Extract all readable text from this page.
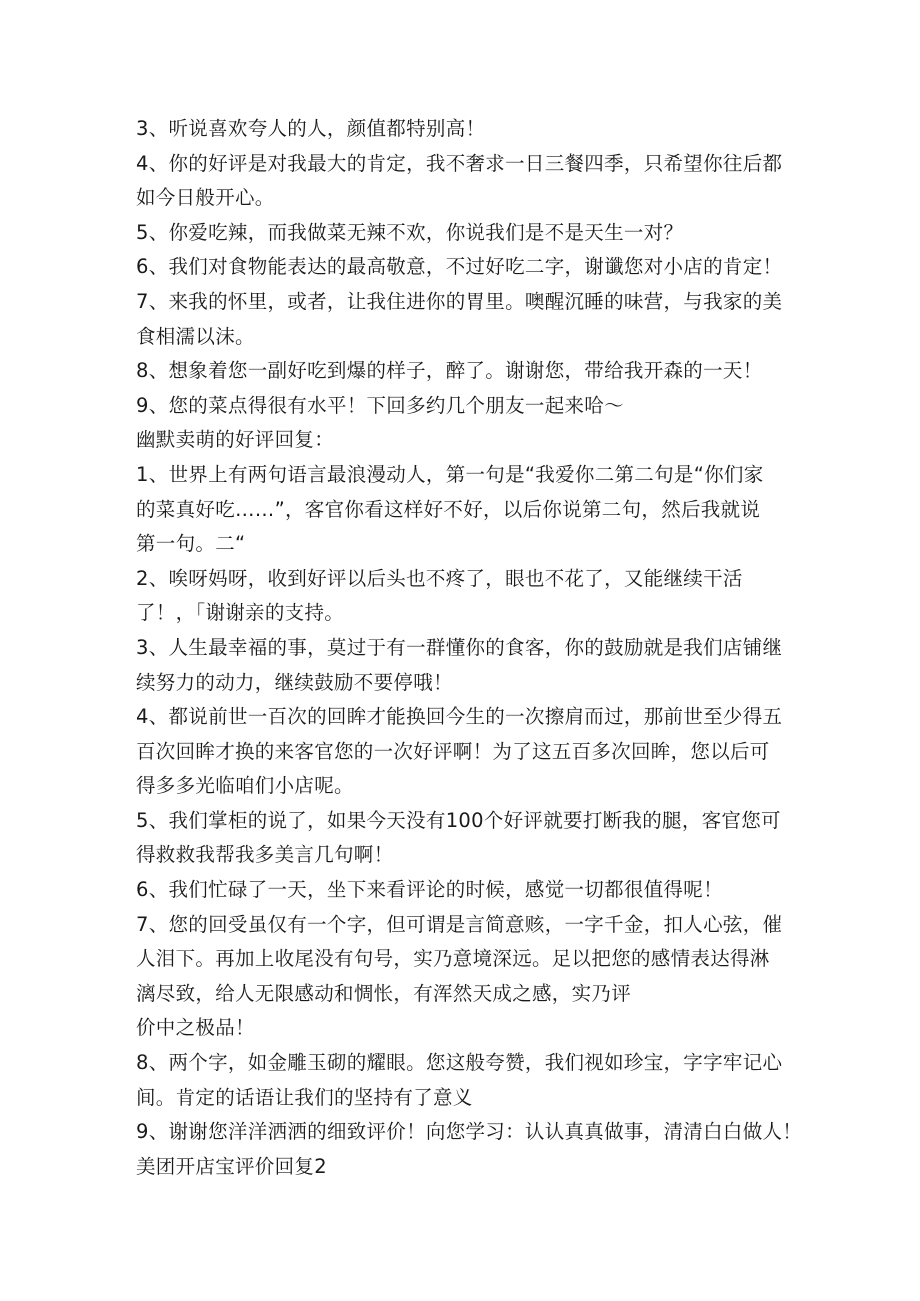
3、听说喜欢夸人的人，颜值都特别高！
4、你的好评是对我最大的肯定，我不奢求一日三餐四季，只希望你往后都
如今日般开心。
5、你爱吃辣，而我做菜无辣不欢，你说我们是不是天生一对？
6、我们对食物能表达的最高敬意，不过好吃二字，谢谶您对小店的肯定！
7、来我的怀里，或者，让我住进你的胃里。噢醒沉睡的味营，与我家的美
食相濡以沫。
8、想象着您一副好吃到爆的样子，醉了。谢谢您，带给我开森的一天！
9、您的菜点得很有水平！下回多约几个朋友一起来哈～
幽默卖萌的好评回复：
1、世界上有两句语言最浪漫动人，第一句是“我爱你二第二句是“你们家
的菜真好吃……”，客官你看这样好不好，以后你说第二句，然后我就说
第一句。二“
2、唉呀妈呀，收到好评以后头也不疼了，眼也不花了，又能继续干活
了！，「谢谢亲的支持。
3、人生最幸福的事，莫过于有一群懂你的食客，你的鼓励就是我们店铺继
续努力的动力，继续鼓励不要停哦！
4、都说前世一百次的回眸才能换回今生的一次擦肩而过，那前世至少得五
百次回眸才换的来客官您的一次好评啊！为了这五百多次回眸，您以后可
得多多光临咱们小店呢。
5、我们掌柜的说了，如果今天没有100个好评就要打断我的腿，客官您可
得救救我帮我多美言几句啊！
6、我们忙碌了一天，坐下来看评论的时候，感觉一切都很值得呢！
7、您的回受虽仅有一个字，但可谓是言简意赅，一字千金，扣人心弦，催
人泪下。再加上收尾没有句号，实乃意境深远。足以把您的感情表达得淋
漓尽致，给人无限感动和惆怅，有浑然天成之感，实乃评
价中之极品！
8、两个字，如金雕玉砌的耀眼。您这般夸赞，我们视如珍宝，字字牢记心
间。肯定的话语让我们的坚持有了意义
9、谢谢您洋洋洒洒的细致评价！向您学习：认认真真做事，清清白白做人！
美团开店宝评价回复2
